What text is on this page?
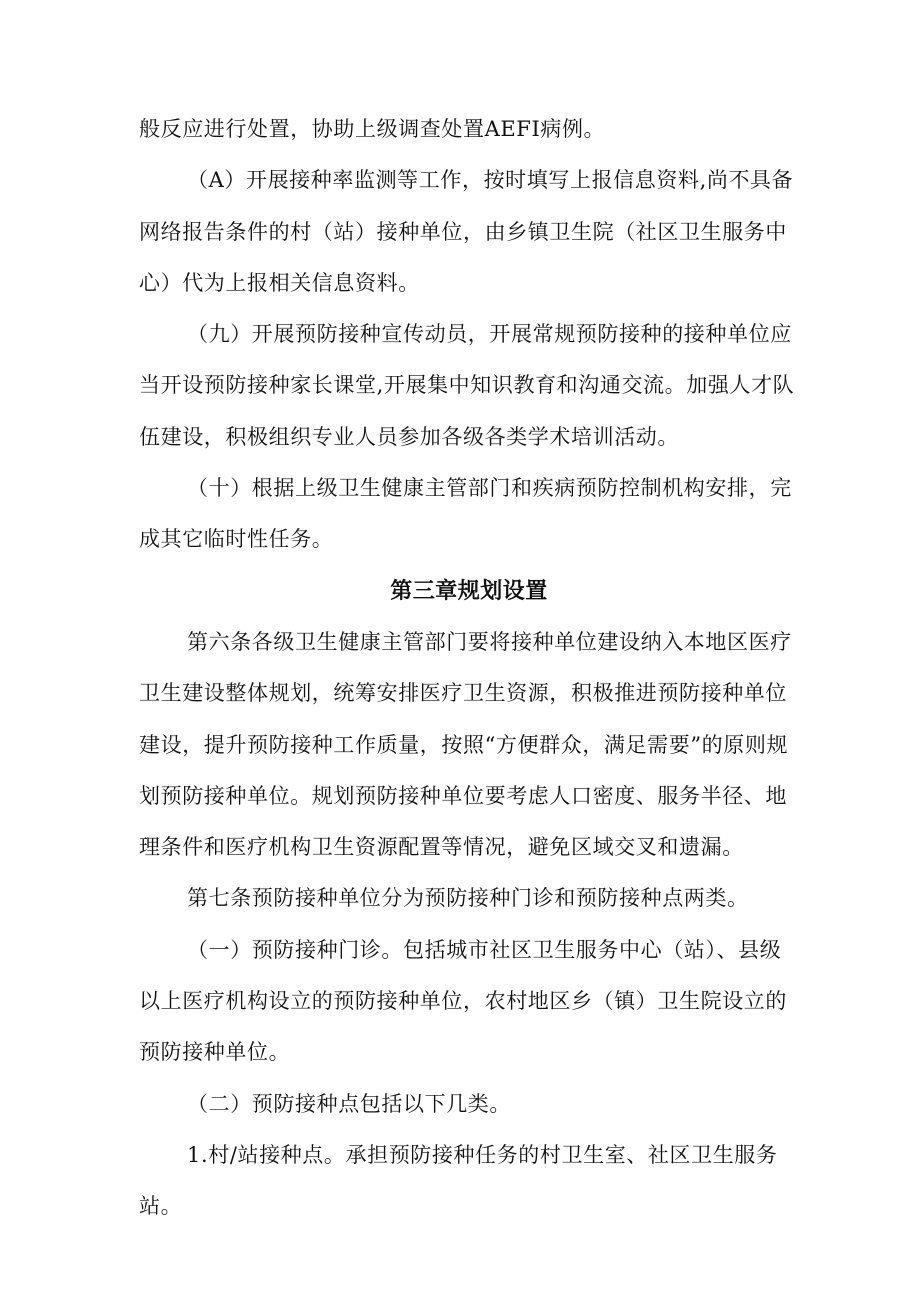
般反应进行处置，协助上级调查处置AEFI病例。

（A）开展接种率监测等工作，按时填写上报信息资料,尚不具备网络报告条件的村（站）接种单位，由乡镇卫生院（社区卫生服务中心）代为上报相关信息资料。

（九）开展预防接种宣传动员，开展常规预防接种的接种单位应当开设预防接种家长课堂,开展集中知识教育和沟通交流。加强人才队伍建设，积极组织专业人员参加各级各类学术培训活动。

（十）根据上级卫生健康主管部门和疾病预防控制机构安排，完成其它临时性任务。

第三章规划设置

第六条各级卫生健康主管部门要将接种单位建设纳入本地区医疗卫生建设整体规划，统筹安排医疗卫生资源，积极推进预防接种单位建设，提升预防接种工作质量，按照“方便群众，满足需要”的原则规划预防接种单位。规划预防接种单位要考虑人口密度、服务半径、地理条件和医疗机构卫生资源配置等情况，避免区域交叉和遗漏。

第七条预防接种单位分为预防接种门诊和预防接种点两类。

（一）预防接种门诊。包括城市社区卫生服务中心（站）、县级以上医疗机构设立的预防接种单位，农村地区乡（镇）卫生院设立的预防接种单位。

（二）预防接种点包括以下几类。

1.村/站接种点。承担预防接种任务的村卫生室、社区卫生服务站。
